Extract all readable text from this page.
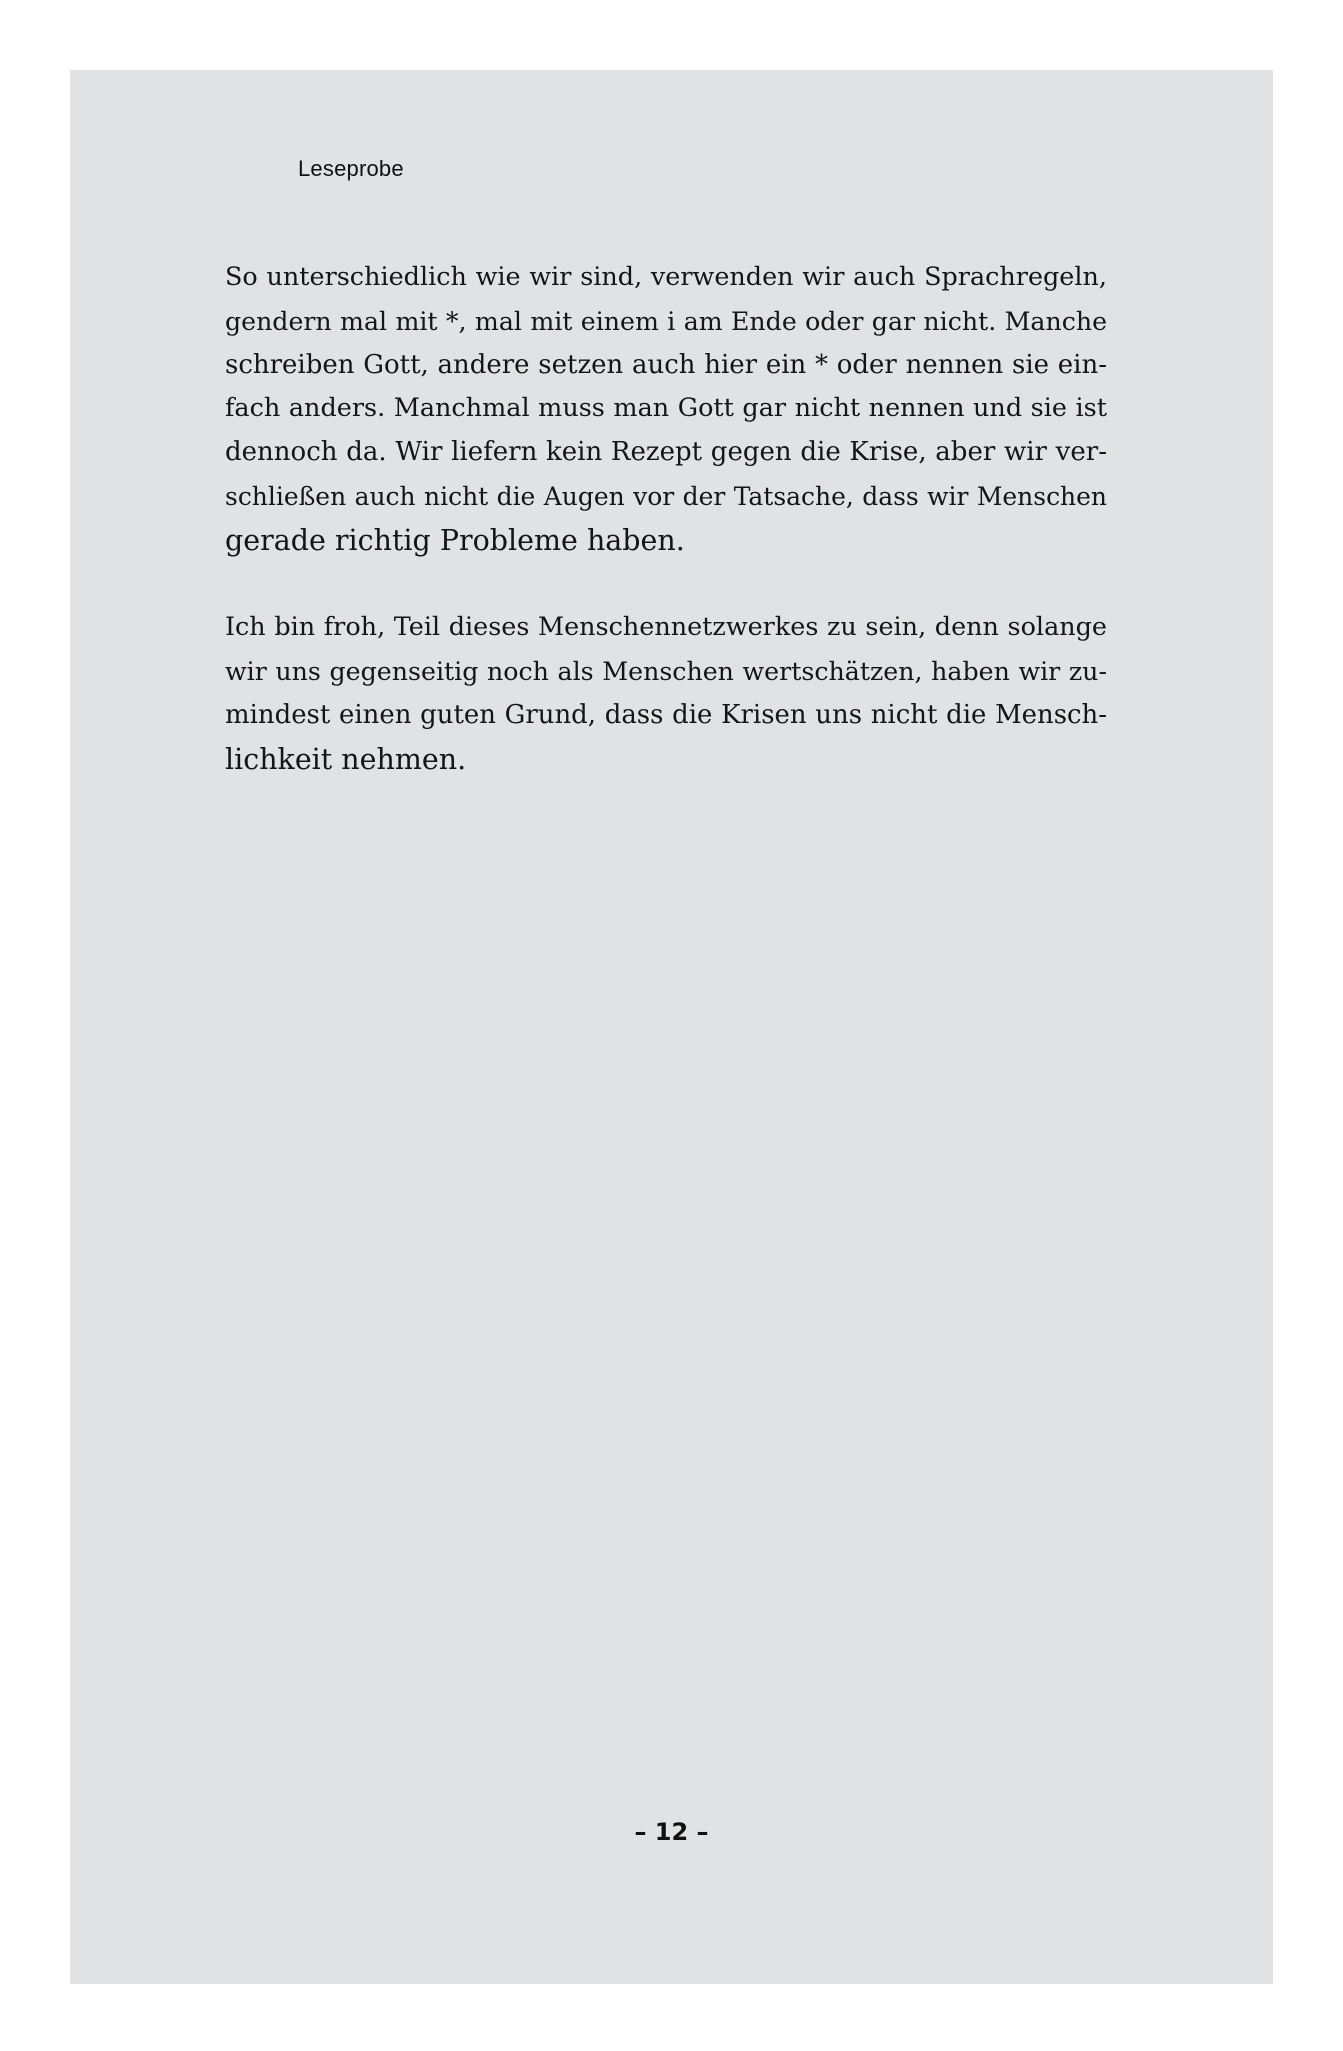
Leseprobe

So unterschiedlich wie wir sind, verwenden wir auch Sprachregeln,
gendern mal mit *, mal mit einem i am Ende oder gar nicht. Manche
schreiben Gott, andere setzen auch hier ein * oder nennen sie ein-
fach anders. Manchmal muss man Gott gar nicht nennen und sie ist
dennoch da. Wir liefern kein Rezept gegen die Krise, aber wir ver-
schließen auch nicht die Augen vor der Tatsache, dass wir Menschen
gerade richtig Probleme haben.

Ich bin froh, Teil dieses Menschennetzwerkes zu sein, denn solange
wir uns gegenseitig noch als Menschen wertschätzen, haben wir zu-
mindest einen guten Grund, dass die Krisen uns nicht die Mensch-
lichkeit nehmen.

– 12 –
